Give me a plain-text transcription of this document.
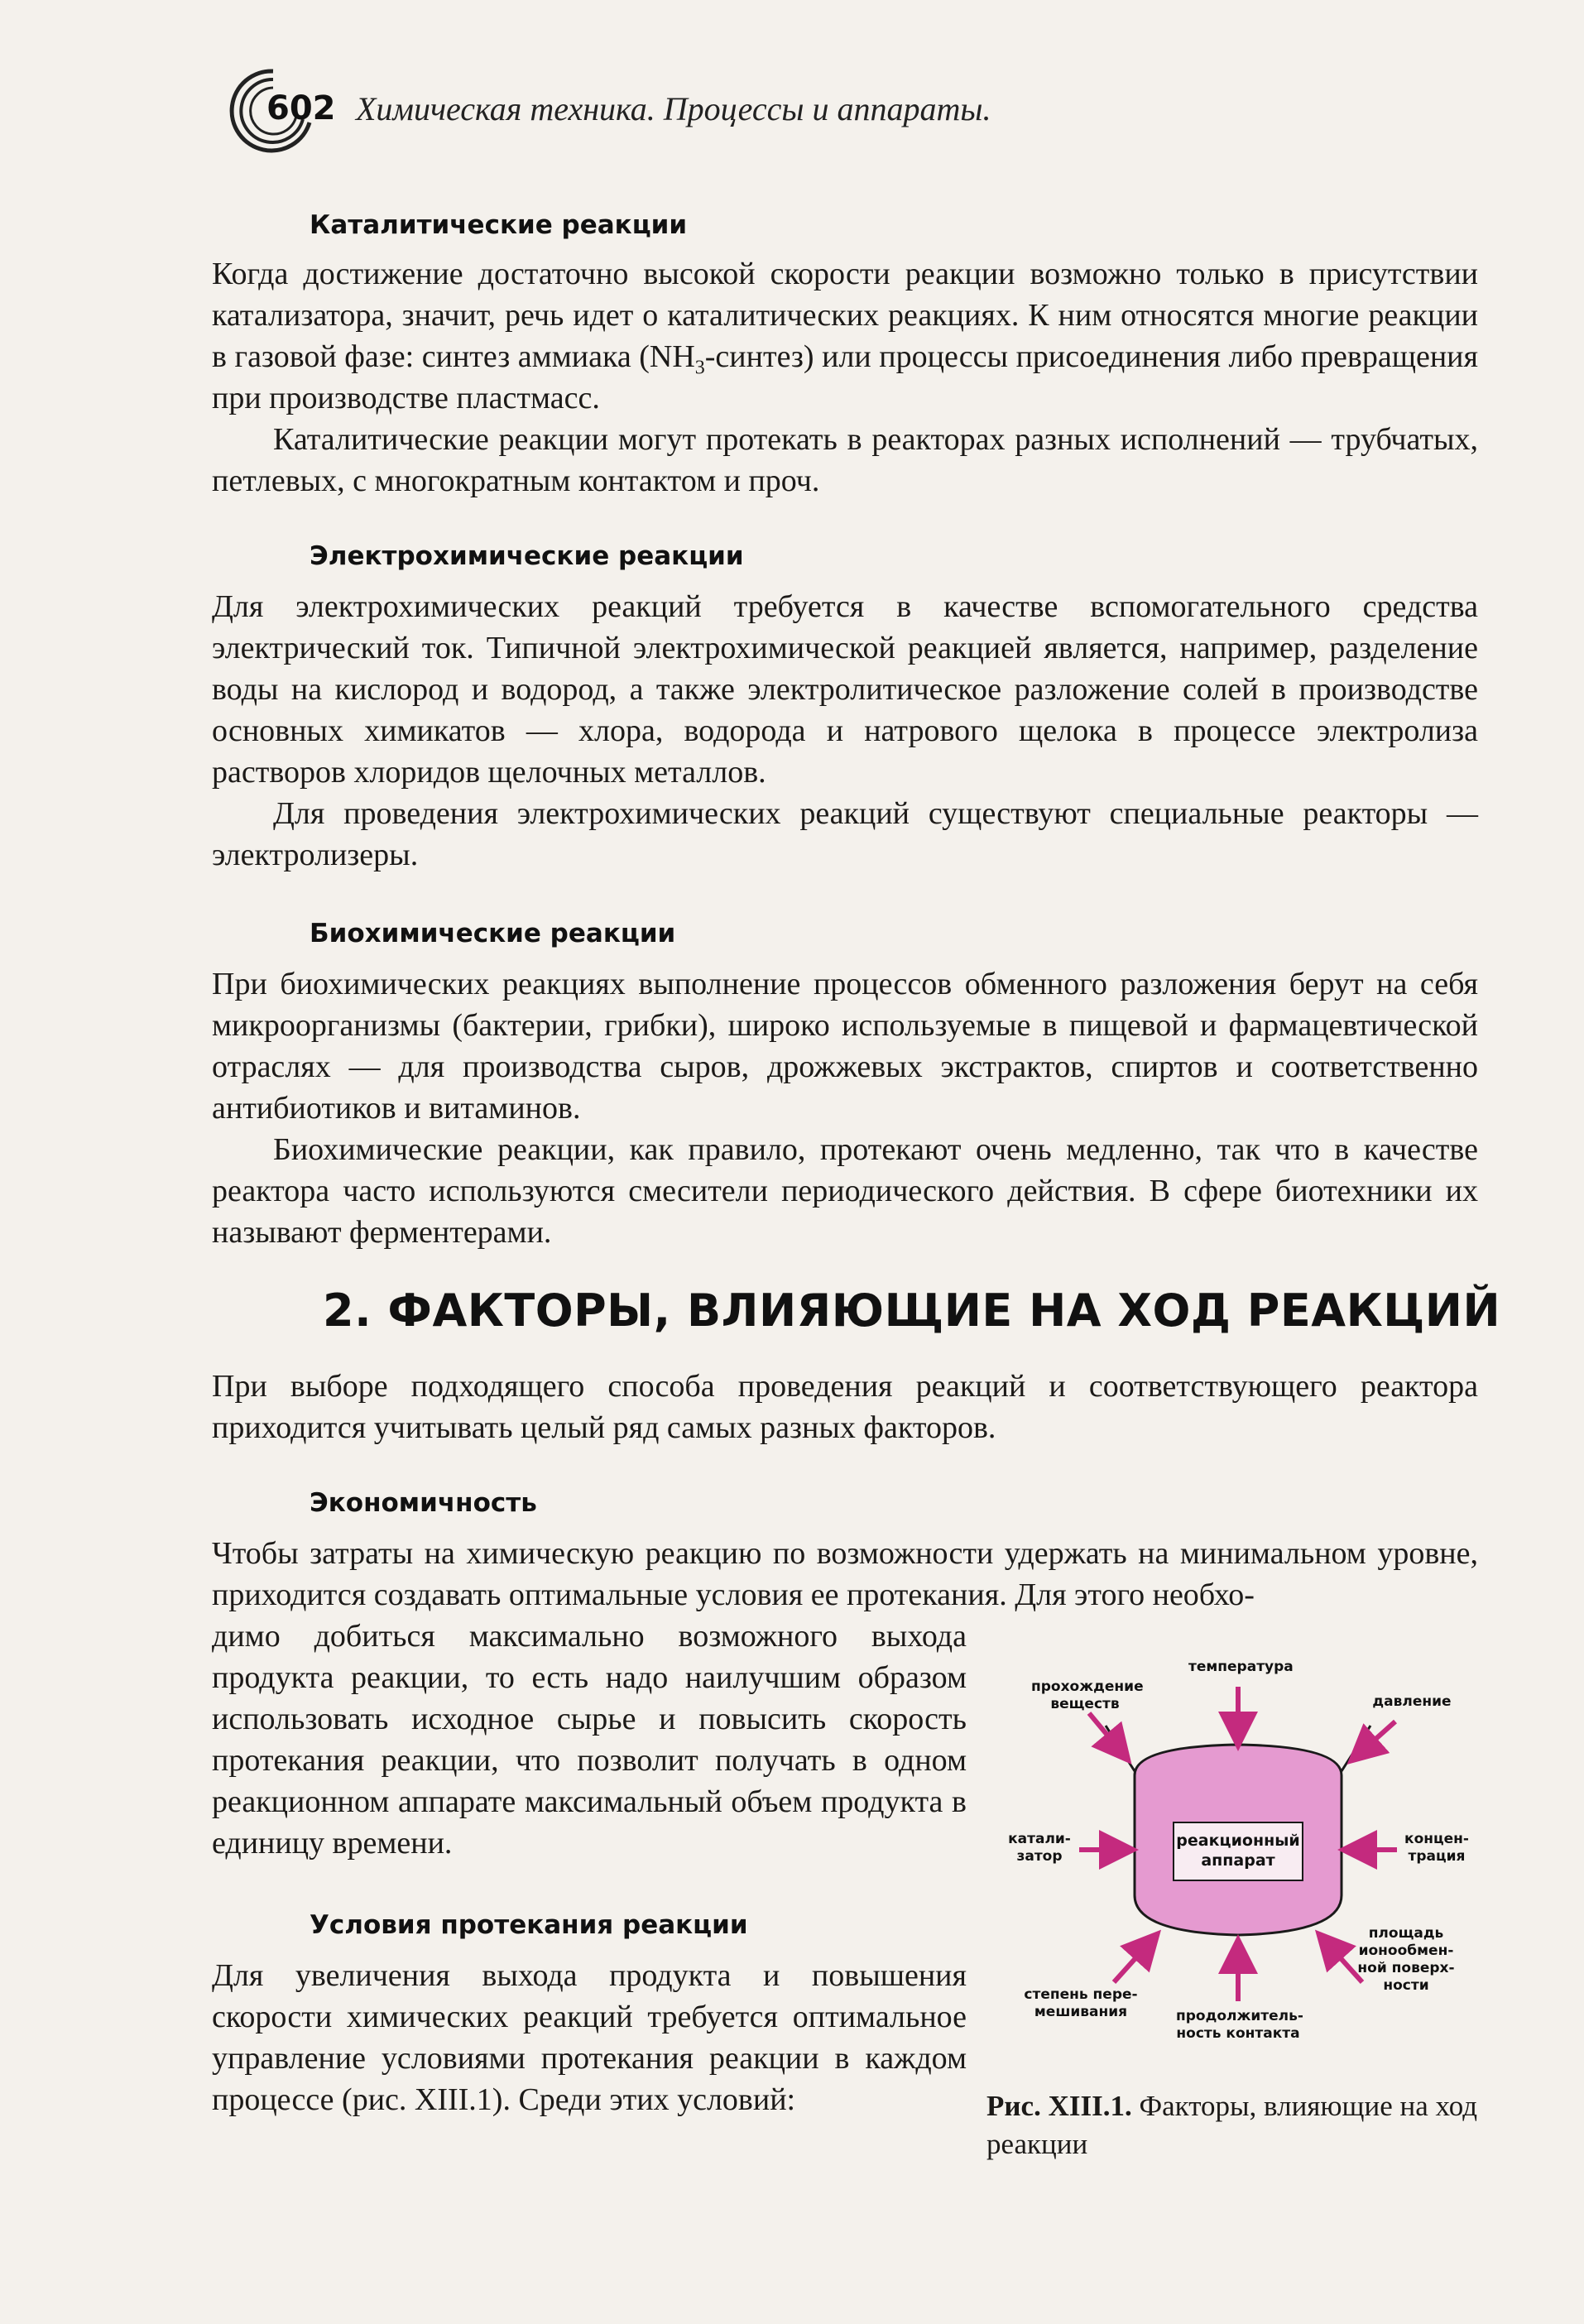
602 Химическая техника. Процессы и аппараты.
Каталитические реакции

Когда достижение достаточно высокой скорости реакции возможно только в присутствии катализатора, значит, речь идет о каталитических реакциях. К ним относятся многие реакции в газовой фазе: синтез аммиака $(NH_3-синтез)$ или процессы присоединения либо превращения при производстве пластмасс.

Каталитические реакции могут протекать в реакторах разных исполнений — трубчатых, петлевых, с многократным контактом и проч.

Электрохимические реакции

Для электрохимических реакций требуется в качестве вспомогательного средства электрический ток. Типичной электрохимической реакцией является, например, разделение воды на кислород и водород, а также электролитическое разложение солей в производстве основных химикатов — хлора, водорода и натрового щелока в процессе электролиза растворов хлоридов щелочных металлов.

Для проведения электрохимических реакций существуют специальные реакторы — электролизеры.

Биохимические реакции

При биохимических реакциях выполнение процессов обменного разложения берут на себя микроорганизмы (бактерии, грибки), широко используемые в пищевой и фармацевтической отраслях — для производства сыров, дрожжевых экстрактов, спиртов и соответственно антибиотиков и витаминов.

Биохимические реакции, как правило, протекают очень медленно, так что в качестве реактора часто используются смесители периодического действия. В сфере биотехники их называют ферментерами.

2. ФАКТОРЫ, ВЛИЯЮЩИЕ НА ХОД РЕАКЦИЙ

При выборе подходящего способа проведения реакций и соответствующего реактора приходится учитывать целый ряд самых разных факторов.

Экономичность

Чтобы затраты на химическую реакцию по возможности удержать на минимальном уровне, приходится создавать оптимальные условия ее протекания. Для этого необхо-

димо добиться максимально возможного выхода продукта реакции, то есть надо наилучшим образом использовать исходное сырье и повысить скорость протекания реакции, что позволит получать в одном реакционном аппарате максимальный объем продукта в единицу времени.

Условия протекания реакции

Для увеличения выхода продукта и повышения скорости химических реакций требуется оптимальное управление условиями протекания реакции в каждом процессе (рис. XIII.1). Среди этих условий:

реакционный
аппарат
температура
прохождение
веществ	давление
катали-
затор
концен-
трация
степень пере-
мешивания	продолжитель-
ность контакта
площадь
ионообмен-
ной поверх-
ности
Рис. XIII.1. Факторы, влияющие на ход реакции
